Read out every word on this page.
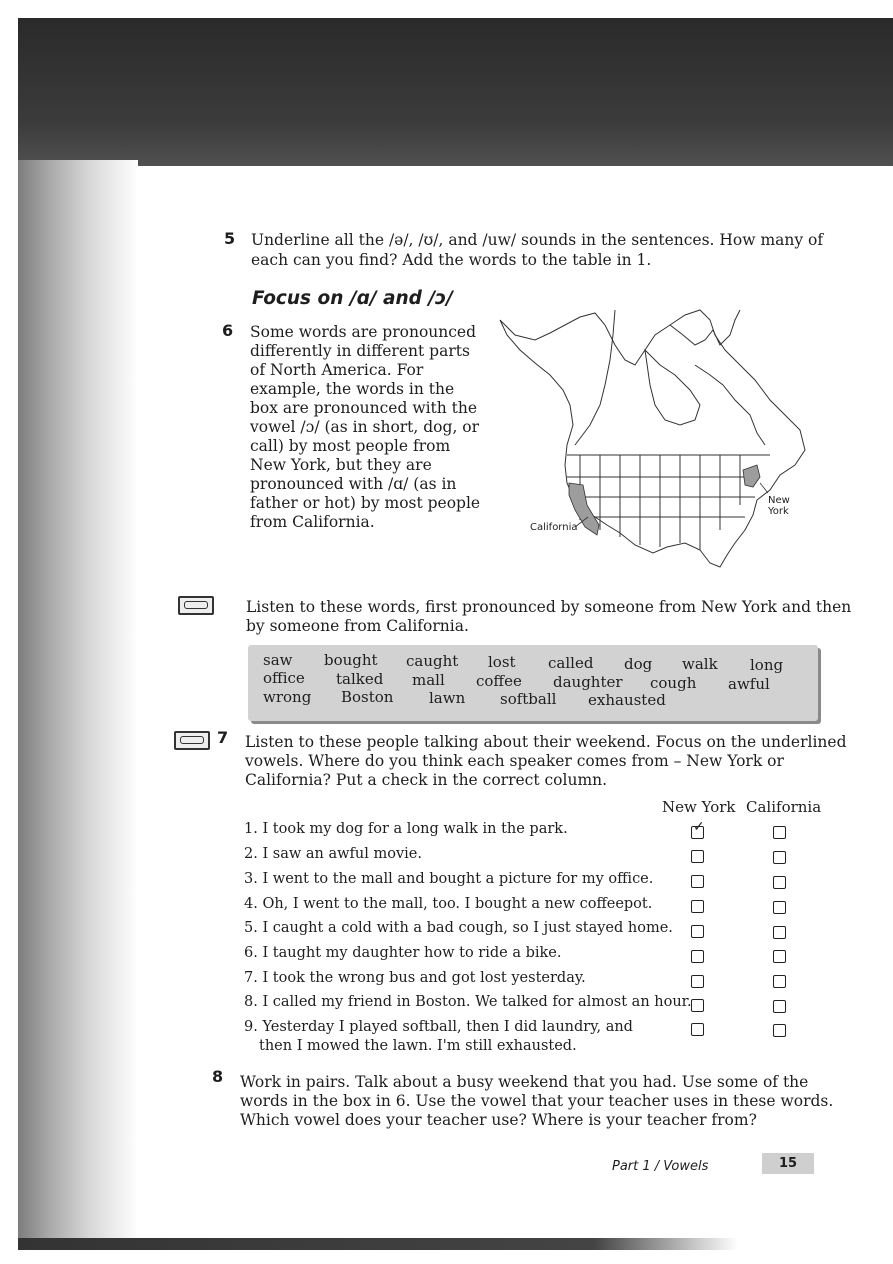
5 Underline all the /ə/, /ʊ/, and /uw/ sounds in the sentences. How many of
each can you find? Add the words to the table in 1.
Focus on /ɑ/ and /ɔ/
6 Some words are pronounced
differently in different parts
of North America. For
example, the words in the
box are pronounced with the
vowel /ɔ/ (as in short, dog, or
call) by most people from
New York, but they are
pronounced with /ɑ/ (as in
father or hot) by most people
from California.	California
New
York
Listen to these words, first pronounced by someone from New York and then
by someone from California.
saw bought caught lost called dog walk long
office talked mall coffee daughter cough awful
wrong Boston lawn softball exhausted
7 Listen to these people talking about their weekend. Focus on the underlined
vowels. Where do you think each speaker comes from – New York or
California? Put a check in the correct column.
New York California
1. I took my dog for a long walk in the park.
2. I saw an awful movie.
3. I went to the mall and bought a picture for my office.
4. Oh, I went to the mall, too. I bought a new coffeepot.
5. I caught a cold with a bad cough, so I just stayed home.
6. I taught my daughter how to ride a bike.
7. I took the wrong bus and got lost yesterday.
8. I called my friend in Boston. We talked for almost an hour.
9. Yesterday I played softball, then I did laundry, and
then I mowed the lawn. I'm still exhausted.
✓
8 Work in pairs. Talk about a busy weekend that you had. Use some of the
words in the box in 6. Use the vowel that your teacher uses in these words.
Which vowel does your teacher use? Where is your teacher from?
Part 1 / Vowels	15
